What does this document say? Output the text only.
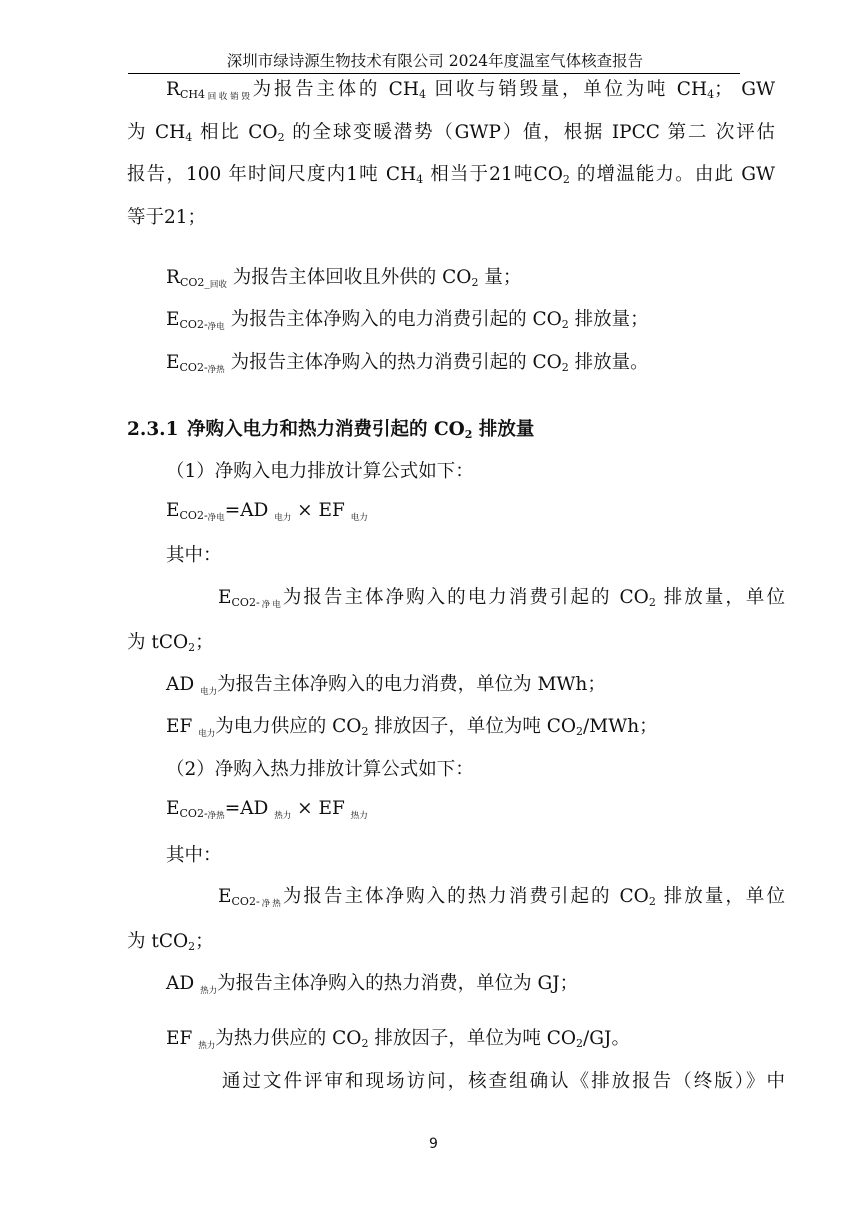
深圳市绿诗源生物技术有限公司 2024年度温室气体核查报告
$R_{CH4回收销毁}$为报告主体的 $CH_4$ 回收与销毁量，单位为吨 $CH_4$； GW
为 $CH_4$ 相比 $CO_2$ 的全球变暖潜势（GWP）值，根据 IPCC 第二 次评估
报告，100 年时间尺度内1吨 $CH_4$ 相当于21吨$CO_2$ 的增温能力。由此 GW
等于21；
$R_{CO2\_回收}$ 为报告主体回收且外供的 $CO_2$ 量；
$E_{CO2-净电}$ 为报告主体净购入的电力消费引起的 $CO_2$ 排放量；
$E_{CO2-净热}$ 为报告主体净购入的热力消费引起的 $CO_2$ 排放量。
2.3.1 净购入电力和热力消费引起的 $CO_2$ 排放量
（1）净购入电力排放计算公式如下：
$E_{CO2-净电}=AD$ $_{电力}$ × EF $_{电力}$
其中：
$E_{CO2-净电}$为报告主体净购入的电力消费引起的 $CO_2$ 排放量，单位
为 tCO$_2$；
AD $_{电力}$为报告主体净购入的电力消费，单位为 MWh；
EF $_{电力}$为电力供应的 $CO_2$ 排放因子，单位为吨 $CO_2$/MWh；
（2）净购入热力排放计算公式如下：
$E_{CO2-净热}=AD$ $_{热力}$ × EF $_{热力}$
其中：
$E_{CO2-净热}$为报告主体净购入的热力消费引起的 $CO_2$ 排放量，单位
为 tCO$_2$；
AD $_{热力}$为报告主体净购入的热力消费，单位为 GJ；
EF $_{热力}$为热力供应的 $CO_2$ 排放因子，单位为吨 $CO_2/GJ$。
通过文件评审和现场访问，核查组确认《排放报告（终版）》中
9
